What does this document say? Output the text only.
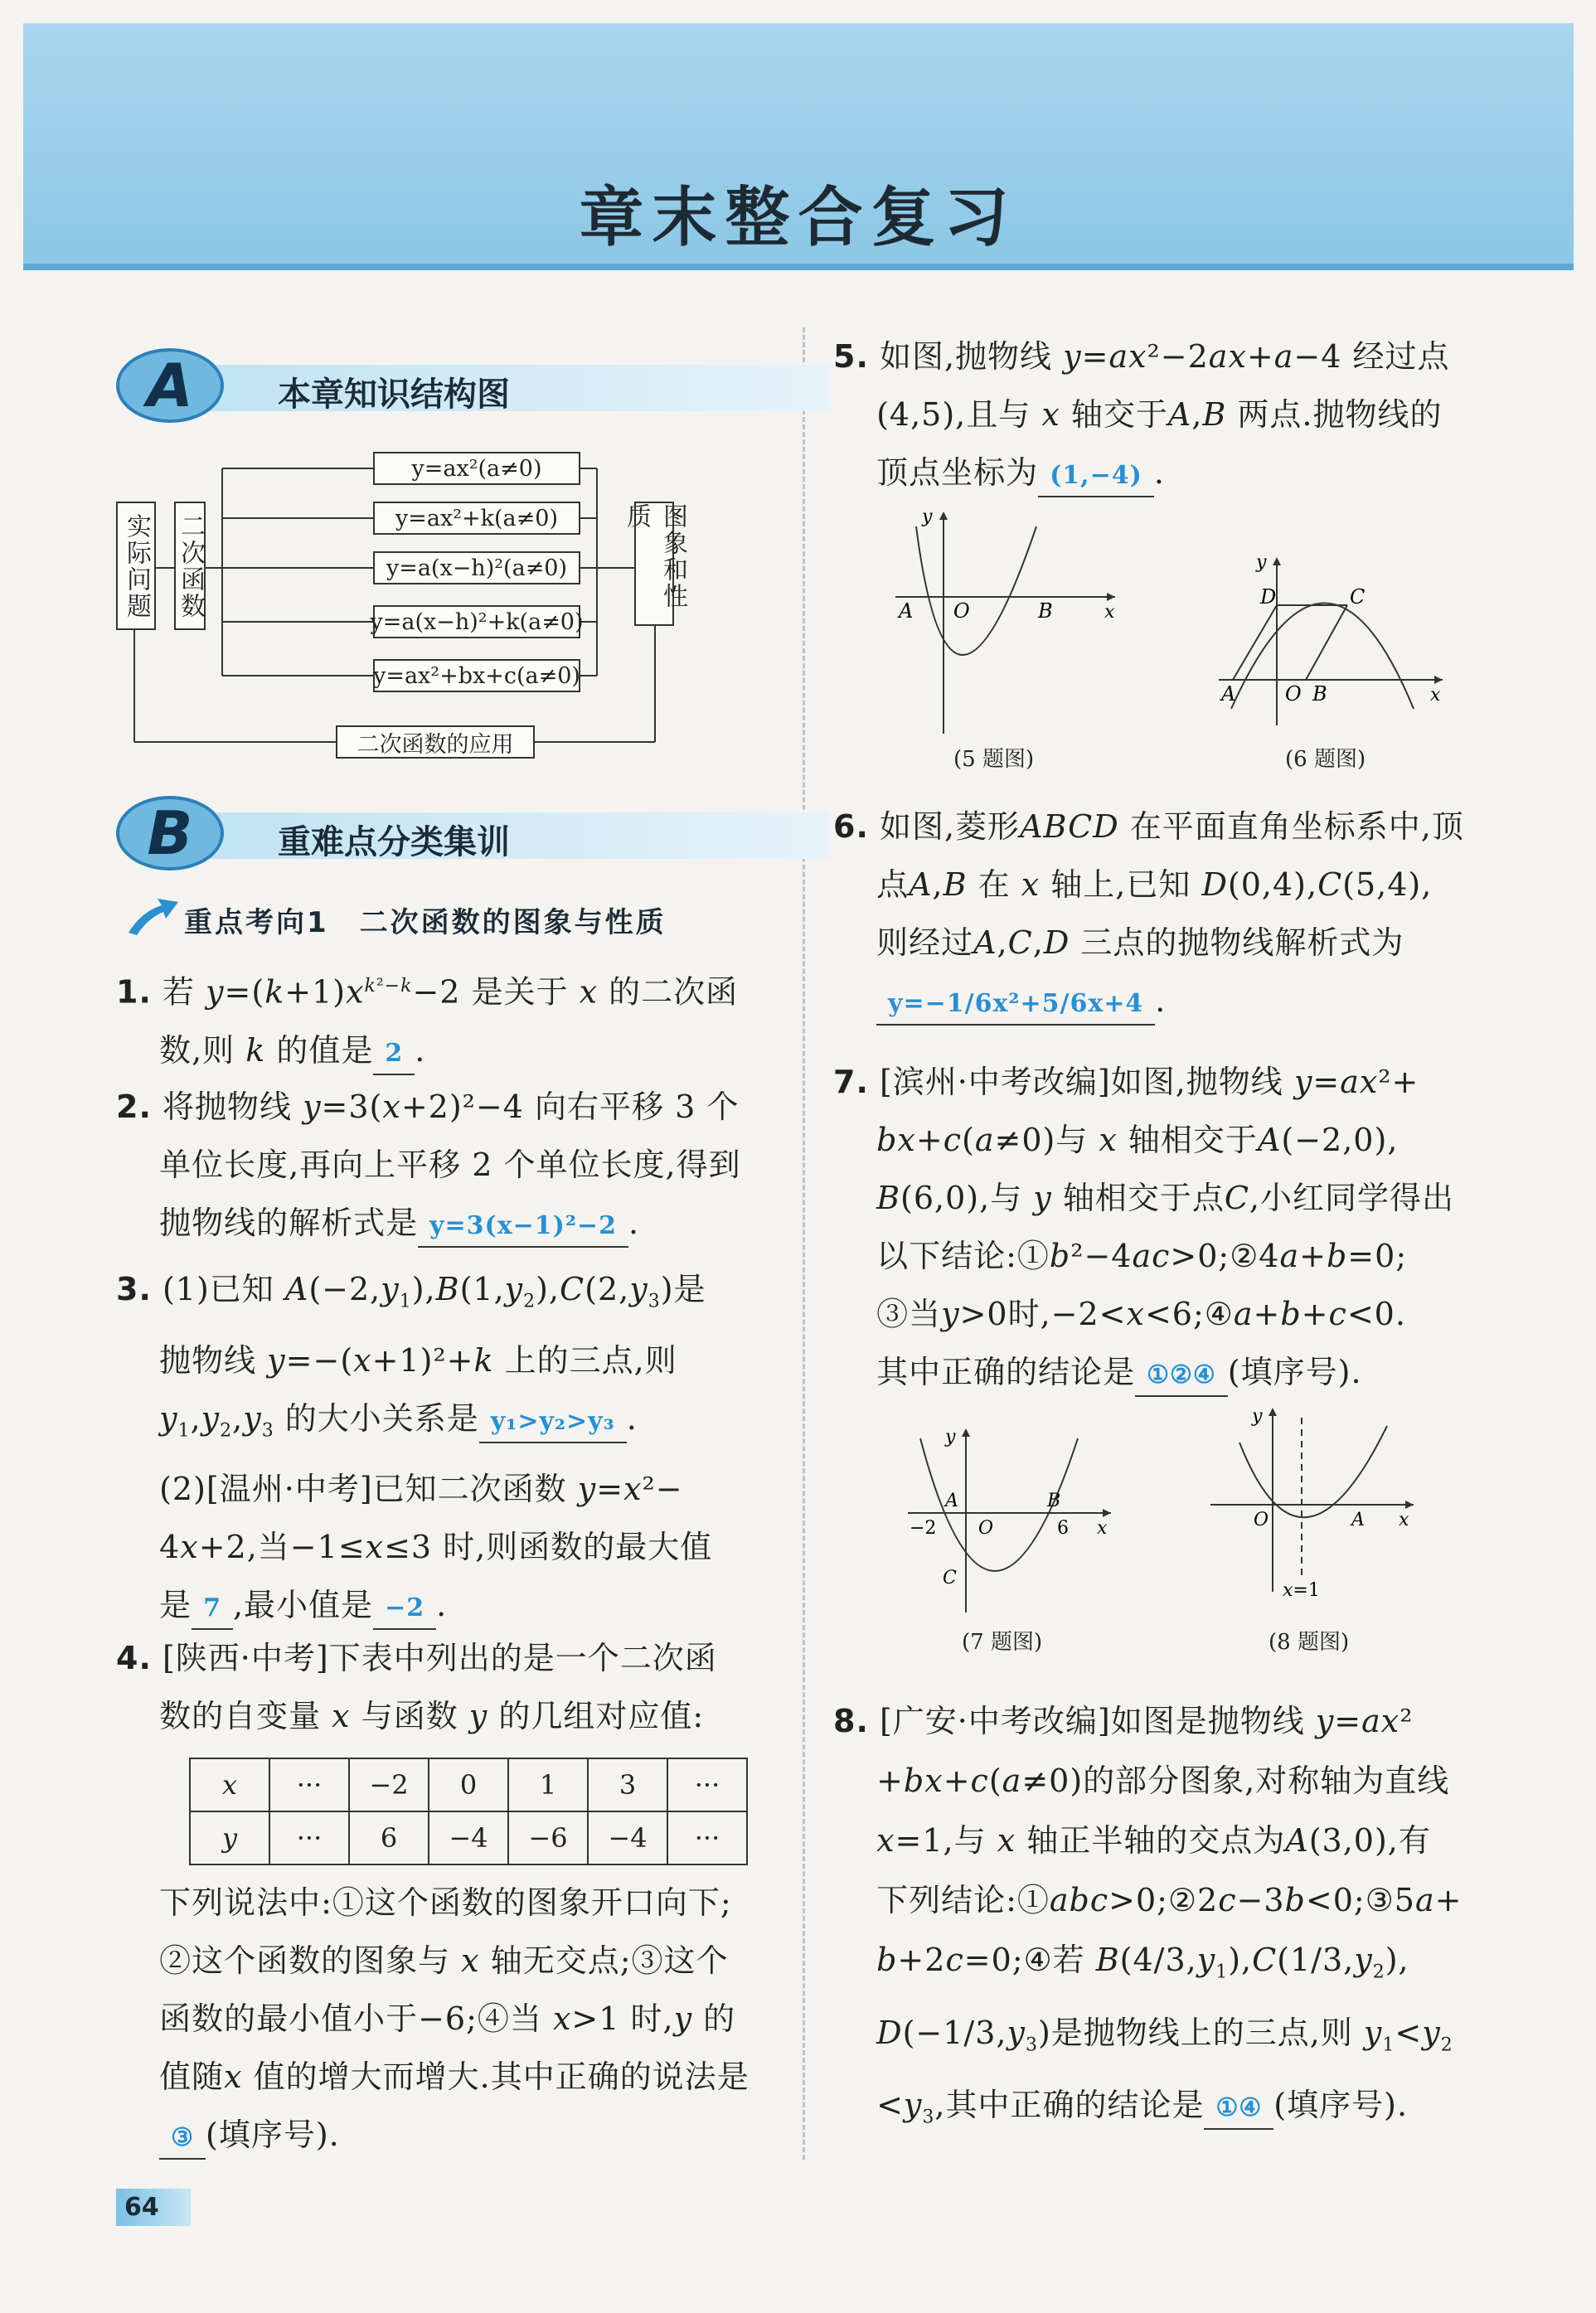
章末整合复习
A	本章知识结构图
实际问题 二次函数	图象和性质
y=ax²(a≠0)
y=ax²+k(a≠0)
y=a(x−h)²(a≠0)
y=a(x−h)²+k(a≠0)
y=ax²+bx+c(a≠0)
二次函数的应用
B	重难点分类集训
重点考向1　二次函数的图象与性质
1. 若 $y=(k+1)x^{k^2-k}-2$ 是关于 x 的二次函
　 数,则 k 的值是 2 .
2. 将抛物线 y=3(x+2)²−4 向右平移 3 个
　 单位长度,再向上平移 2 个单位长度,得到
　 抛物线的解析式是 y=3(x−1)²−2 .
3. (1)已知 $A(-2,y_1),B(1,y_2),C(2,y_3)$是
　 抛物线 y=−(x+1)²+k 上的三点,则
　 $y_1,y_2,y_3$ 的大小关系是 y₁>y₂>y₃ .
　 (2)[温州·中考]已知二次函数 y=x²−
　 4x+2,当−1≤x≤3 时,则函数的最大值
　 是 7 ,最小值是 −2 .
4. [陕西·中考]下表中列出的是一个二次函
　 数的自变量 x 与函数 y 的几组对应值:
x	···	−2	0	1	3	···
y	···	6	−4	−6	−4	···
　 下列说法中:①这个函数的图象开口向下;
　 ②这个函数的图象与 x 轴无交点;③这个
　 函数的最小值小于−6;④当 x>1 时,y 的
　 值随x 值的增大而增大.其中正确的说法是
　 ③ (填序号).
5. 如图,抛物线 y=ax²−2ax+a−4 经过点
　 (4,5),且与 x 轴交于A,B 两点.抛物线的
　 顶点坐标为 (1,−4) .
A O	B	x
y
(5 题图)
A O B	x
D	C
y
(6 题图)
6. 如图,菱形ABCD 在平面直角坐标系中,顶
　 点A,B 在 x 轴上,已知 D(0,4),C(5,4),
　 则经过A,C,D 三点的抛物线解析式为
　 y=−1/6x²+5/6x+4 .
7. [滨州·中考改编]如图,抛物线 y=ax²+
　 bx+c(a≠0)与 x 轴相交于A(−2,0),
　 B(6,0),与 y 轴相交于点C,小红同学得出
　 以下结论:①b²−4ac>0;②4a+b=0;
　 ③当y>0时,−2<x<6;④a+b+c<0.
　 其中正确的结论是 ①②④ (填序号).
y
A	B
−2 O	6 x
C
(7 题图)
y
O	A x
x=1
(8 题图)
8. [广安·中考改编]如图是抛物线 y=ax²
　 +bx+c(a≠0)的部分图象,对称轴为直线
　 x=1,与 x 轴正半轴的交点为A(3,0),有
　 下列结论:①abc>0;②2c−3b<0;③5a+
　 b+2c=0;④若 $B(4/3,y_1),C(1/3,y_2)$,
　 $D(-1/3,y_3)$是抛物线上的三点,则 $y_1<y_2$
　 $<y_3$,其中正确的结论是 ①④ (填序号).
64
